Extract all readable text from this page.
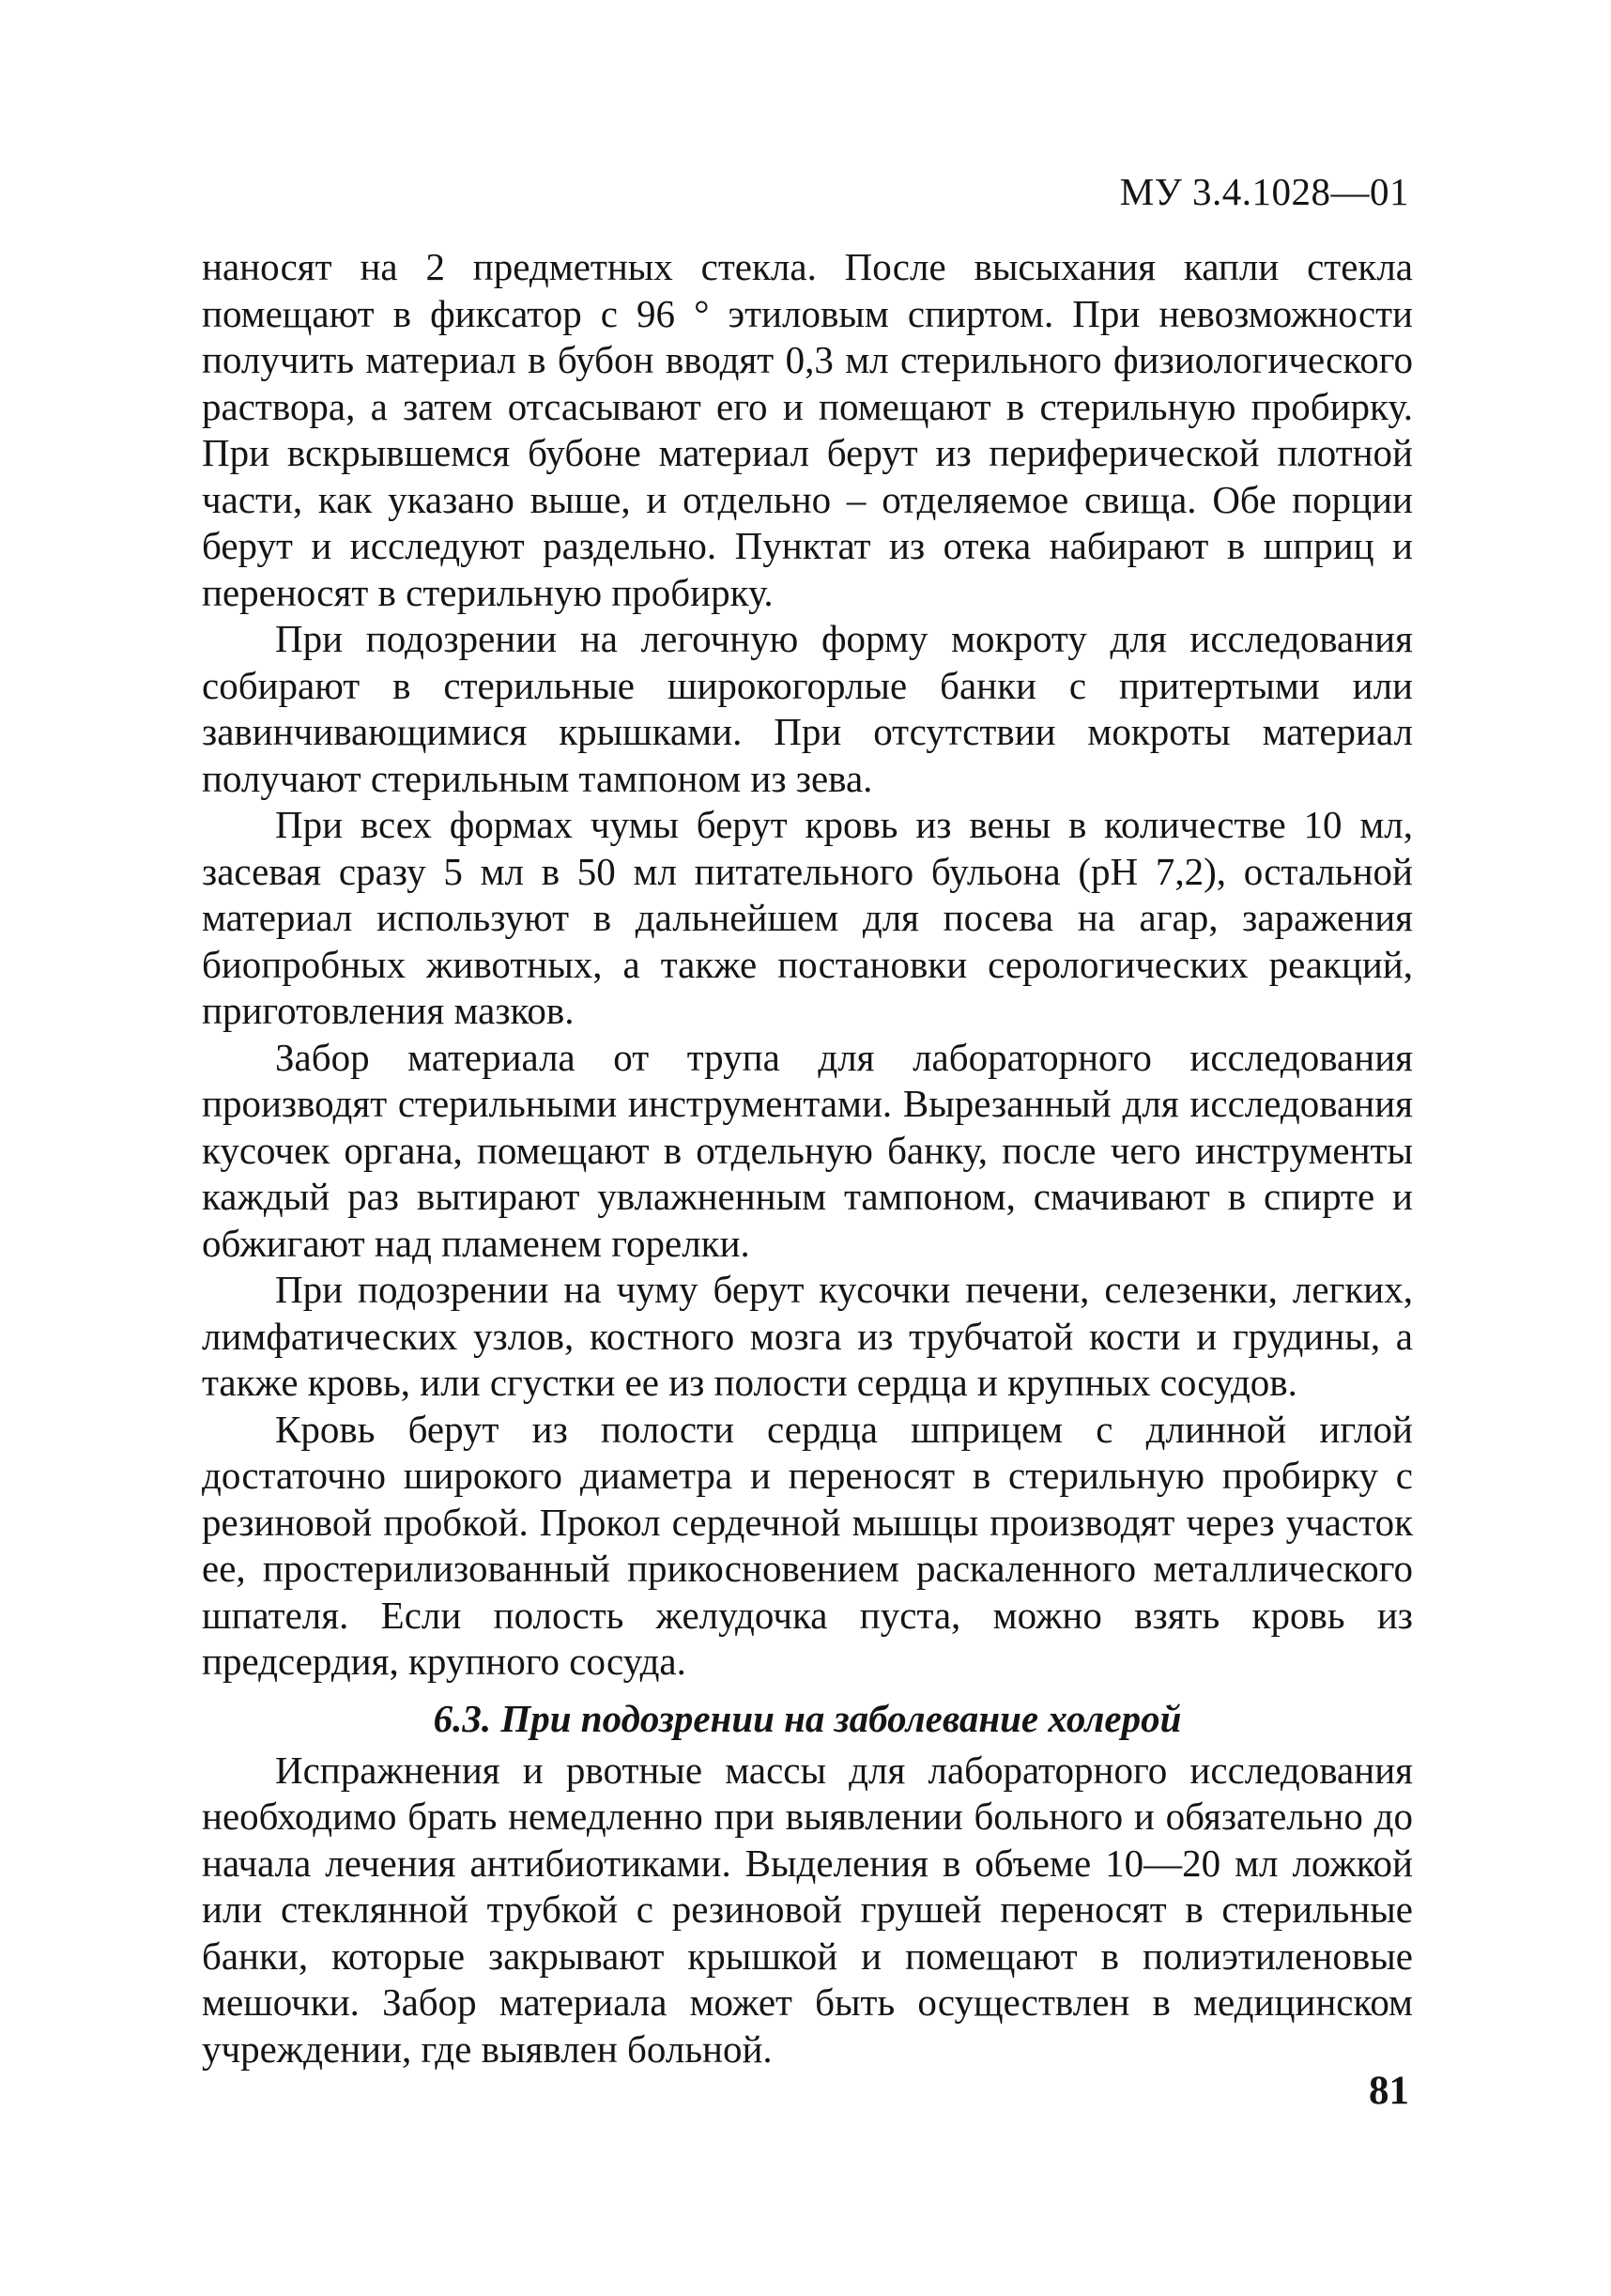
МУ 3.4.1028—01

наносят на 2 предметных стекла. После высыхания капли стекла помещают в фиксатор с 96 ° этиловым спиртом. При невозможности получить материал в бубон вводят 0,3 мл стерильного физиологического раствора, а затем отсасывают его и помещают в стерильную пробирку. При вскрывшемся бубоне материал берут из периферической плотной части, как указано выше, и отдельно – отделяемое свища. Обе порции берут и исследуют раздельно. Пунктат из отека набирают в шприц и переносят в стерильную пробирку.

При подозрении на легочную форму мокроту для исследования собирают в стерильные широкогорлые банки с притертыми или завинчивающимися крышками. При отсутствии мокроты материал получают стерильным тампоном из зева.

При всех формах чумы берут кровь из вены в количестве 10 мл, засевая сразу 5 мл в 50 мл питательного бульона (pH 7,2), остальной материал используют в дальнейшем для посева на агар, заражения биопробных животных, а также постановки серологических реакций, приготовления мазков.

Забор материала от трупа для лабораторного исследования производят стерильными инструментами. Вырезанный для исследования кусочек органа, помещают в отдельную банку, после чего инструменты каждый раз вытирают увлажненным тампоном, смачивают в спирте и обжигают над пламенем горелки.

При подозрении на чуму берут кусочки печени, селезенки, легких, лимфатических узлов, костного мозга из трубчатой кости и грудины, а также кровь, или сгустки ее из полости сердца и крупных сосудов.

Кровь берут из полости сердца шприцем с длинной иглой достаточно широкого диаметра и переносят в стерильную пробирку с резиновой пробкой. Прокол сердечной мышцы производят через участок ее, простерилизованный прикосновением раскаленного металлического шпателя. Если полость желудочка пуста, можно взять кровь из предсердия, крупного сосуда.

6.3. При подозрении на заболевание холерой

Испражнения и рвотные массы для лабораторного исследования необходимо брать немедленно при выявлении больного и обязательно до начала лечения антибиотиками. Выделения в объеме 10—20 мл ложкой или стеклянной трубкой с резиновой грушей переносят в стерильные банки, которые закрывают крышкой и помещают в полиэтиленовые мешочки. Забор материала может быть осуществлен в медицинском учреждении, где выявлен больной.

81
